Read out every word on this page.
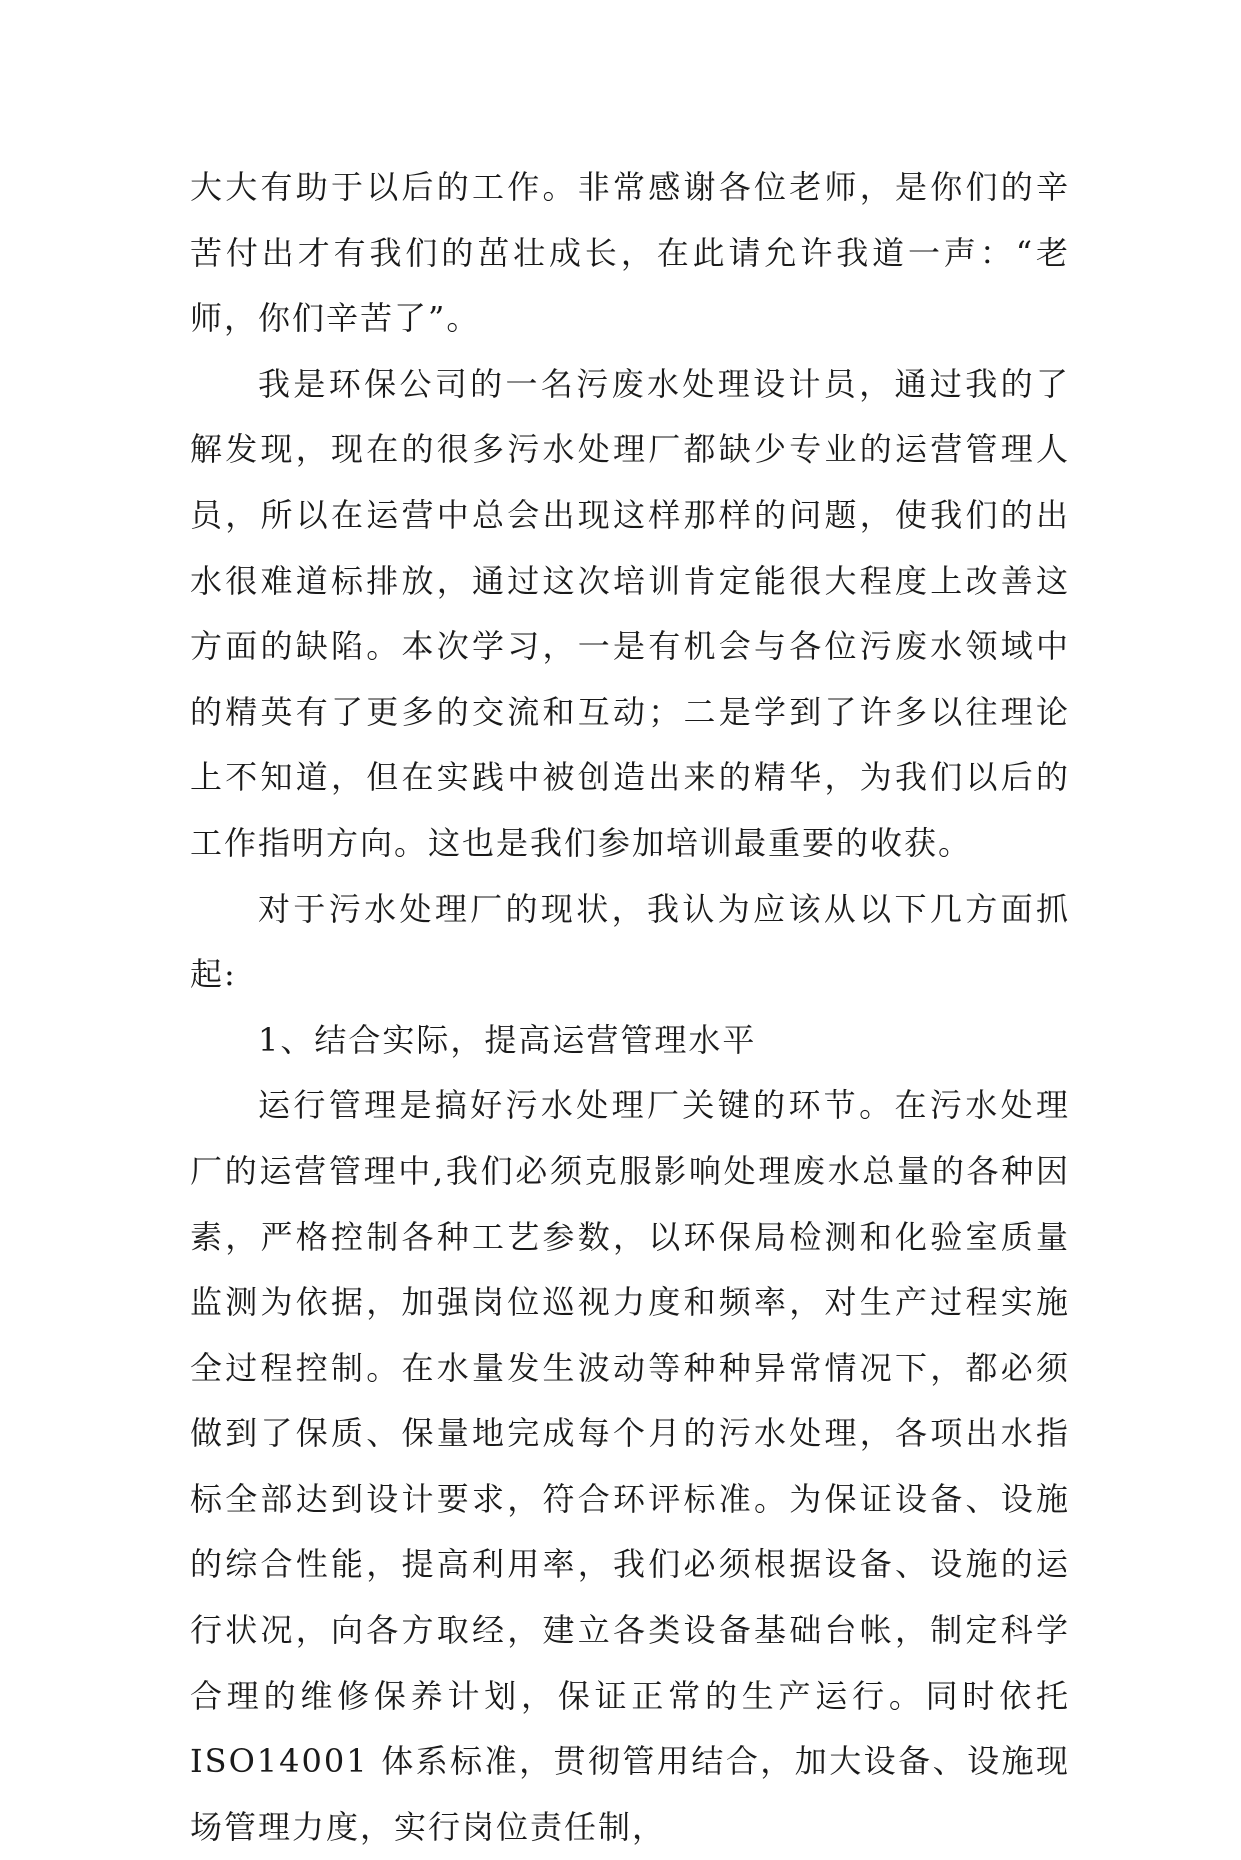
大大有助于以后的工作。非常感谢各位老师，是你们的辛苦付出才有我们的茁壮成长，在此请允许我道一声：“老师，你们辛苦了”。

我是环保公司的一名污废水处理设计员，通过我的了解发现，现在的很多污水处理厂都缺少专业的运营管理人员，所以在运营中总会出现这样那样的问题，使我们的出水很难道标排放，通过这次培训肯定能很大程度上改善这方面的缺陷。本次学习，一是有机会与各位污废水领域中的精英有了更多的交流和互动；二是学到了许多以往理论上不知道，但在实践中被创造出来的精华，为我们以后的工作指明方向。这也是我们参加培训最重要的收获。

对于污水处理厂的现状，我认为应该从以下几方面抓起:

1、结合实际，提高运营管理水平

运行管理是搞好污水处理厂关键的环节。在污水处理厂的运营管理中,我们必须克服影响处理废水总量的各种因素，严格控制各种工艺参数，以环保局检测和化验室质量监测为依据，加强岗位巡视力度和频率，对生产过程实施全过程控制。在水量发生波动等种种异常情况下，都必须做到了保质、保量地完成每个月的污水处理，各项出水指标全部达到设计要求，符合环评标准。为保证设备、设施的综合性能，提高利用率，我们必须根据设备、设施的运行状况，向各方取经，建立各类设备基础台帐，制定科学合理的维修保养计划，保证正常的生产运行。同时依托 ISO14001 体系标准，贯彻管用结合，加大设备、设施现场管理力度，实行岗位责任制，
